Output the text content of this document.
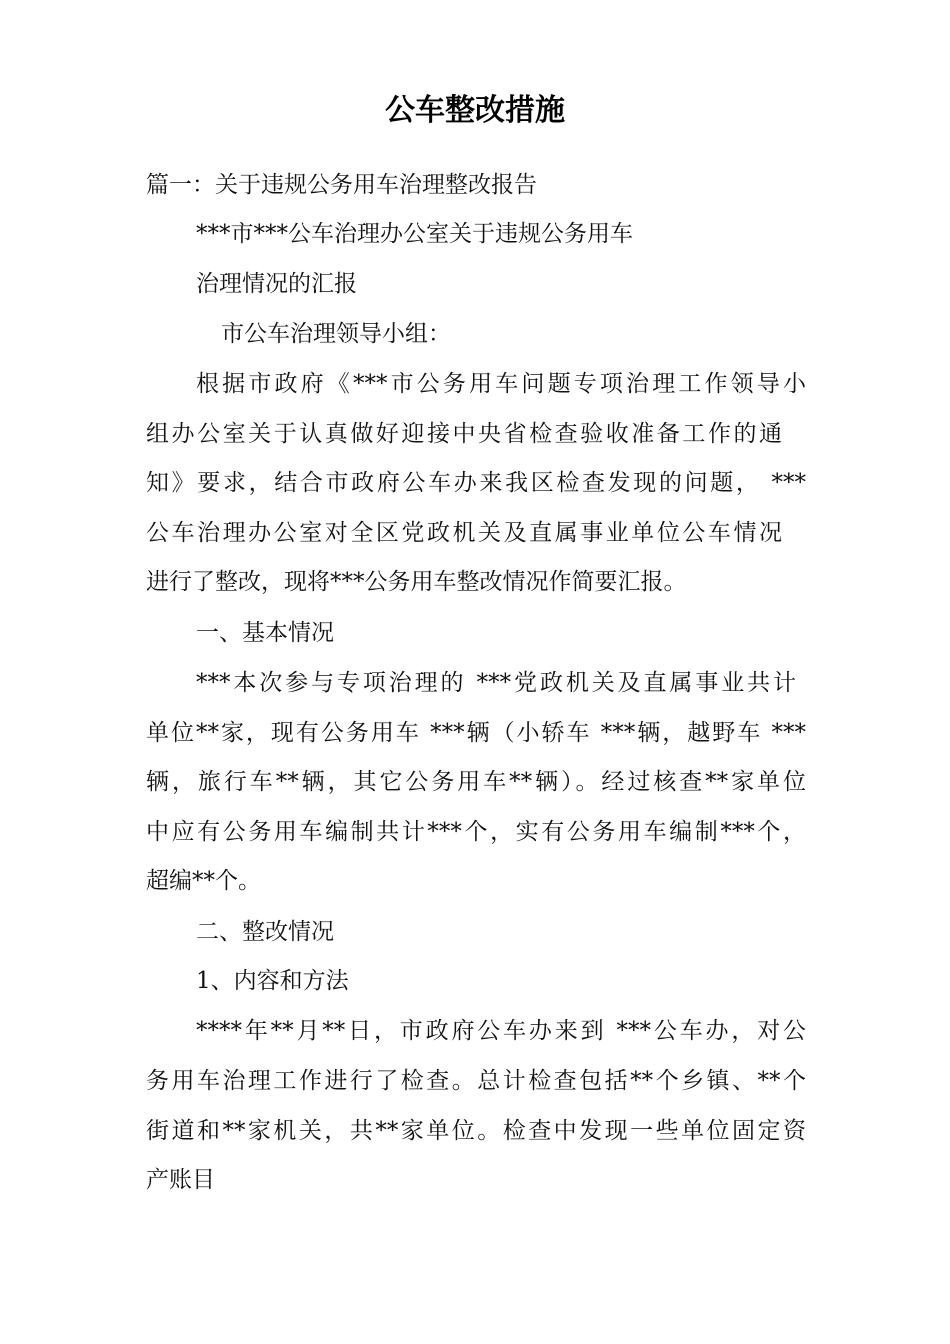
公车整改措施
篇一：关于违规公务用车治理整改报告
***市***公车治理办公室关于违规公务用车
治理情况的汇报
市公车治理领导小组：
根据市政府《***市公务用车问题专项治理工作领导小
组办公室关于认真做好迎接中央省检查验收准备工作的通
知》要求，结合市政府公车办来我区检查发现的问题， ***
公车治理办公室对全区党政机关及直属事业单位公车情况
进行了整改，现将***公务用车整改情况作简要汇报。
一、基本情况
***本次参与专项治理的 ***党政机关及直属事业共计
单位**家，现有公务用车 ***辆（小轿车 ***辆，越野车 ***
辆，旅行车**辆，其它公务用车**辆）。经过核查**家单位
中应有公务用车编制共计***个，实有公务用车编制***个，
超编**个。
二、整改情况
1、内容和方法
****年**月**日，市政府公车办来到 ***公车办，对公
务用车治理工作进行了检查。总计检查包括**个乡镇、**个
街道和**家机关，共**家单位。检查中发现一些单位固定资
产账目
